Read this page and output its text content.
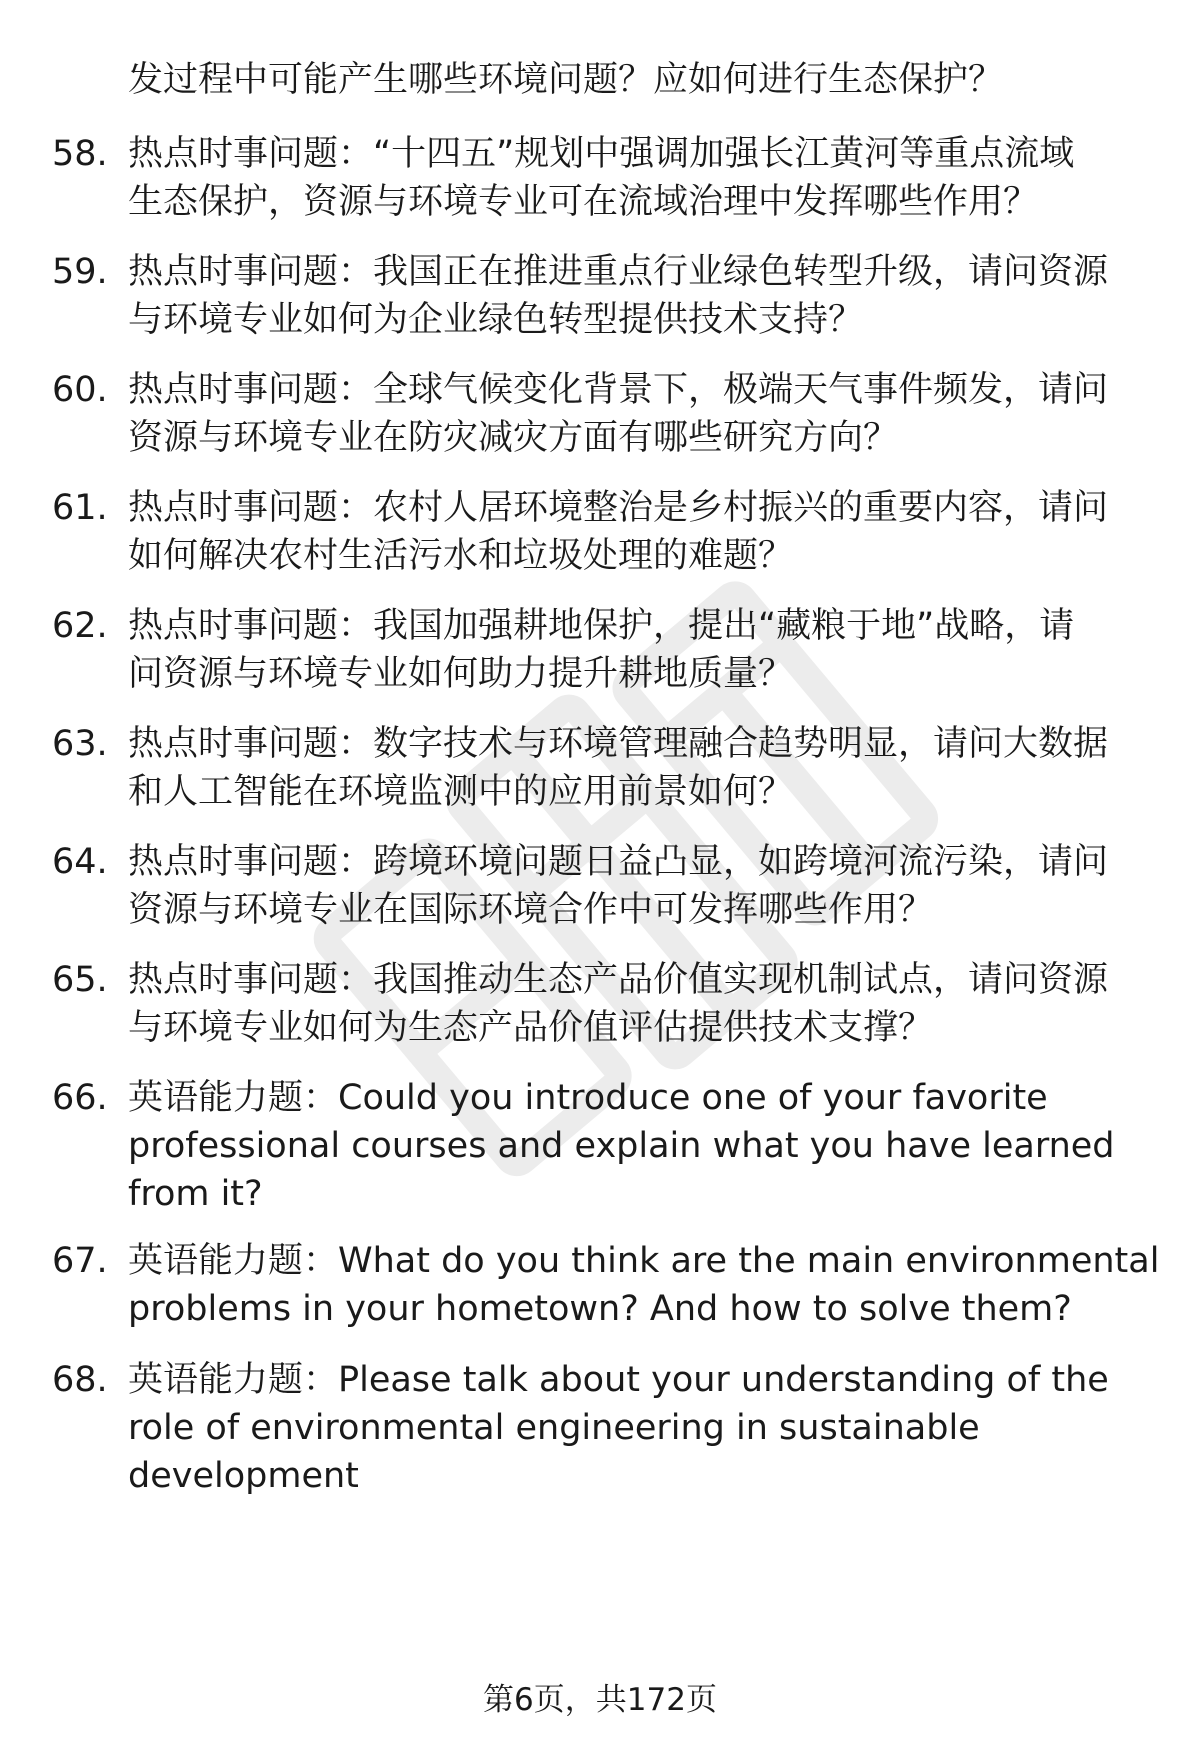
发过程中可能产生哪些环境问题？应如何进行生态保护？
58. 热点时事问题：“十四五”规划中强调加强长江黄河等重点流域
生态保护，资源与环境专业可在流域治理中发挥哪些作用？
59. 热点时事问题：我国正在推进重点行业绿色转型升级，请问资源
与环境专业如何为企业绿色转型提供技术支持？
60. 热点时事问题：全球气候变化背景下，极端天气事件频发，请问
资源与环境专业在防灾减灾方面有哪些研究方向？
61. 热点时事问题：农村人居环境整治是乡村振兴的重要内容，请问
如何解决农村生活污水和垃圾处理的难题？
62. 热点时事问题：我国加强耕地保护，提出“藏粮于地”战略，请
问资源与环境专业如何助力提升耕地质量？
63. 热点时事问题：数字技术与环境管理融合趋势明显，请问大数据
和人工智能在环境监测中的应用前景如何？
64. 热点时事问题：跨境环境问题日益凸显，如跨境河流污染，请问
资源与环境专业在国际环境合作中可发挥哪些作用？
65. 热点时事问题：我国推动生态产品价值实现机制试点，请问资源
与环境专业如何为生态产品价值评估提供技术支撑？
66. 英语能力题：Could you introduce one of your favorite
professional courses and explain what you have learned
from it?
67. 英语能力题：What do you think are the main environmental
problems in your hometown? And how to solve them?
68. 英语能力题：Please talk about your understanding of the
role of environmental engineering in sustainable
development
第6页，共172页
